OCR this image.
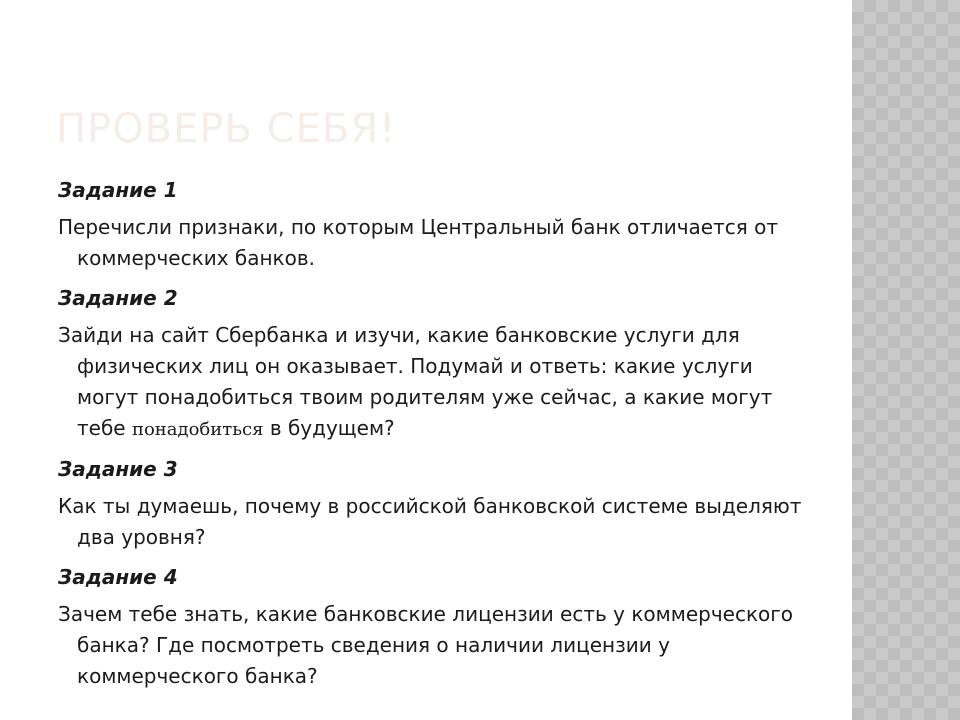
ПРОВЕРЬ СЕБЯ!

Задание 1

Перечисли признаки, по которым Центральный банк отличается от коммерческих банков.

Задание 2

Зайди на сайт Сбербанка и изучи, какие банковские услуги для физических лиц он оказывает. Подумай и ответь: какие услуги могут понадобиться твоим родителям уже сейчас, а какие могут тебе понадобиться в будущем?

Задание 3

Как ты думаешь, почему в российской банковской системе выделяют два уровня?

Задание 4

Зачем тебе знать, какие банковские лицензии есть у коммерческого банка? Где посмотреть сведения о наличии лицензии у коммерческого банка?
